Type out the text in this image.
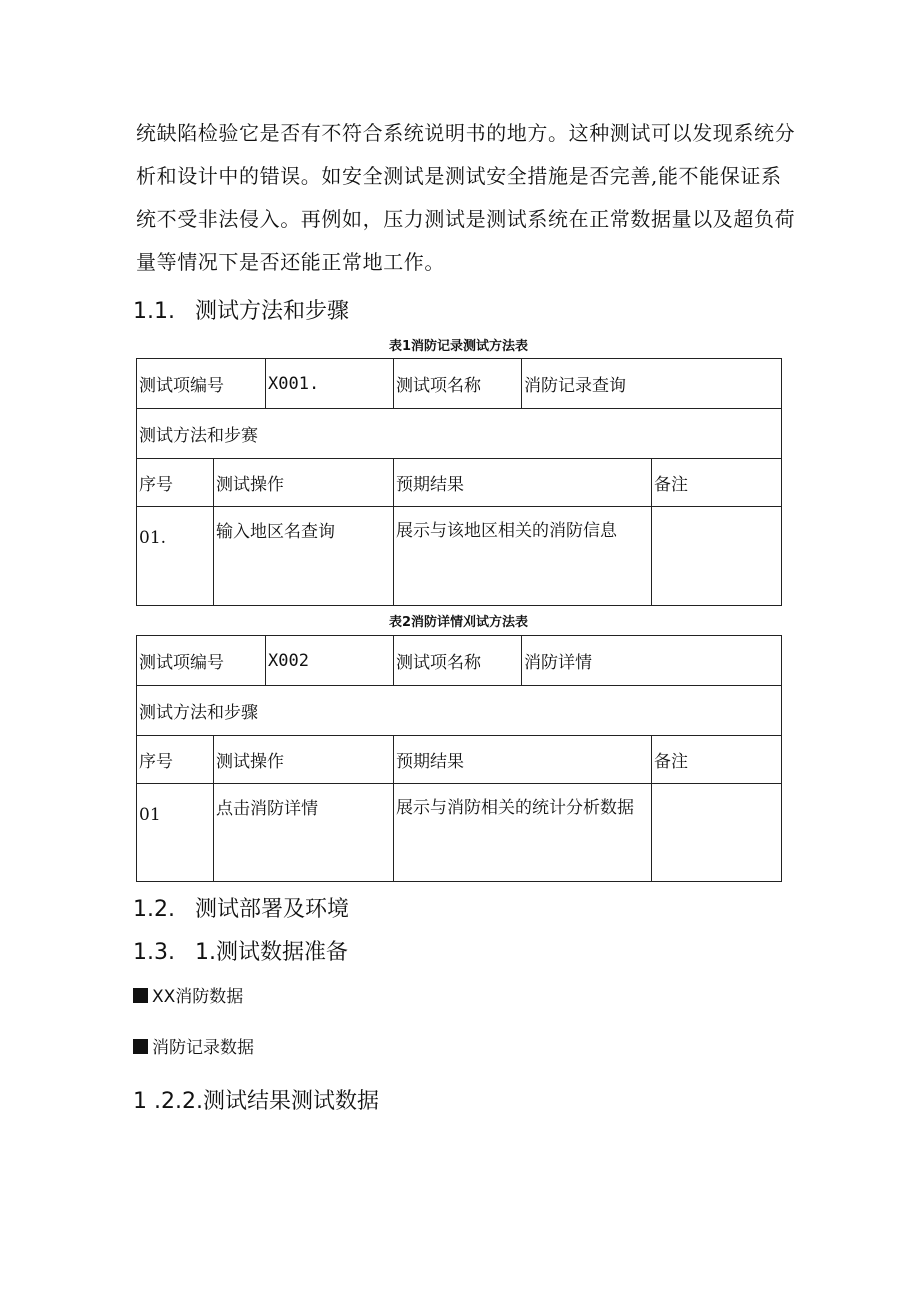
统缺陷检验它是否有不符合系统说明书的地方。这种测试可以发现系统分析和设计中的错误。如安全测试是测试安全措施是否完善,能不能保证系统不受非法侵入。再例如，压力测试是测试系统在正常数据量以及超负荷量等情况下是否还能正常地工作。

1.1. 测试方法和步骤
表1消防记录测试方法表
测试项编号		X001.	测试项名称	消防记录查询	
测试方法和步赛					
序号	测试操作		预期结果		备注
01.	输入地区名查询		展示与该地区相关的消防信息		
表2消防详情刈试方法表
测试项编号		X002	测试项名称	消防详情	
测试方法和步骤					
序号	测试操作		预期结果		备注
01	点击消防详情		展示与消防相关的统计分析数据		
1.2. 测试部署及环境
1.3. 1.测试数据准备
XX消防数据
消防记录数据
1 .2.2.测试结果测试数据
